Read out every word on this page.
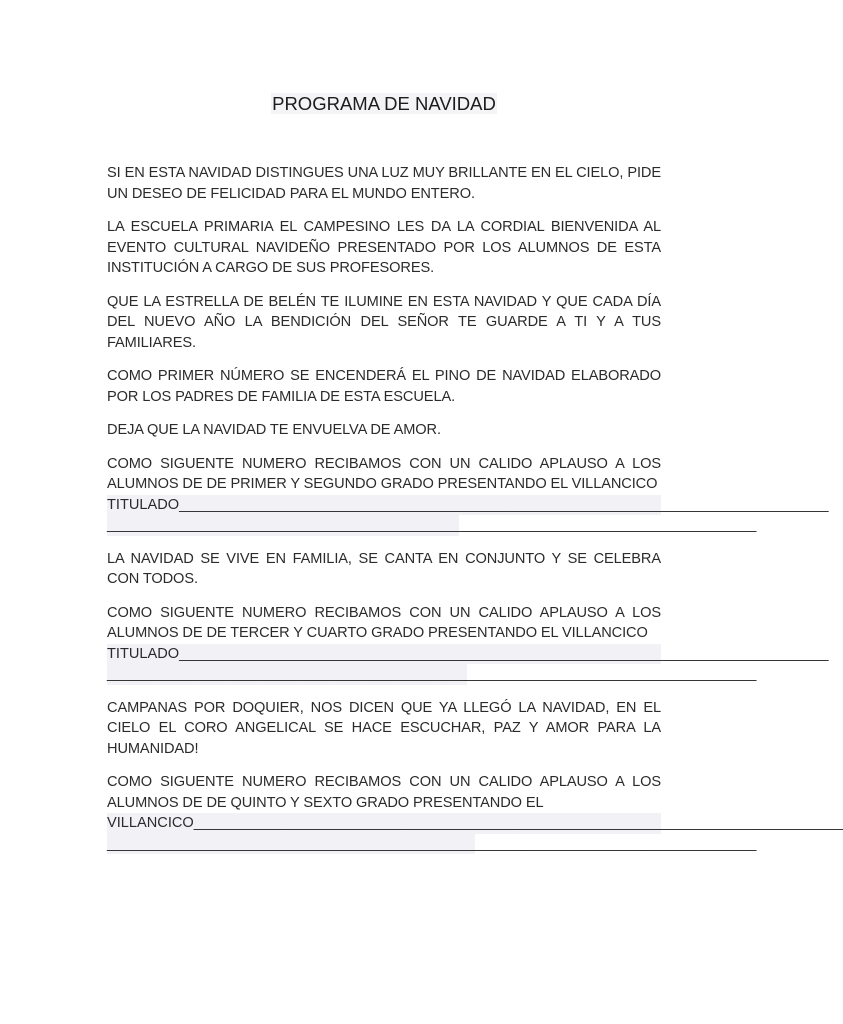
PROGRAMA DE NAVIDAD

SI EN ESTA NAVIDAD DISTINGUES UNA LUZ MUY BRILLANTE EN EL CIELO, PIDE UN DESEO DE FELICIDAD PARA EL MUNDO ENTERO.

LA ESCUELA PRIMARIA EL CAMPESINO LES DA LA CORDIAL BIENVENIDA AL EVENTO CULTURAL NAVIDEÑO PRESENTADO POR LOS ALUMNOS DE ESTA INSTITUCIÓN A CARGO DE SUS PROFESORES.

QUE LA ESTRELLA DE BELÉN TE ILUMINE EN ESTA NAVIDAD Y QUE CADA DÍA DEL NUEVO AÑO LA BENDICIÓN DEL SEÑOR TE GUARDE A TI Y A TUS FAMILIARES.

COMO PRIMER NÚMERO SE ENCENDERÁ EL PINO DE NAVIDAD ELABORADO POR LOS PADRES DE FAMILIA DE ESTA ESCUELA.

DEJA QUE LA NAVIDAD TE ENVUELVA DE AMOR.

COMO SIGUENTE NUMERO RECIBAMOS CON UN CALIDO APLAUSO A LOS ALUMNOS DE DE PRIMER Y SEGUNDO GRADO PRESENTANDO EL VILLANCICO
TITULADO________________________________________________________________________________
________________________________________________________________________________

LA NAVIDAD SE VIVE EN FAMILIA, SE CANTA EN CONJUNTO Y SE CELEBRA CON TODOS.

COMO SIGUENTE NUMERO RECIBAMOS CON UN CALIDO APLAUSO A LOS ALUMNOS DE DE TERCER Y CUARTO GRADO PRESENTANDO EL VILLANCICO
TITULADO________________________________________________________________________________
________________________________________________________________________________

CAMPANAS POR DOQUIER, NOS DICEN QUE YA LLEGÓ LA NAVIDAD, EN EL CIELO EL CORO ANGELICAL SE HACE ESCUCHAR, PAZ Y AMOR PARA LA HUMANIDAD!

COMO SIGUENTE NUMERO RECIBAMOS CON UN CALIDO APLAUSO A LOS ALUMNOS DE DE QUINTO Y SEXTO GRADO PRESENTANDO EL
VILLANCICO________________________________________________________________________________
________________________________________________________________________________
